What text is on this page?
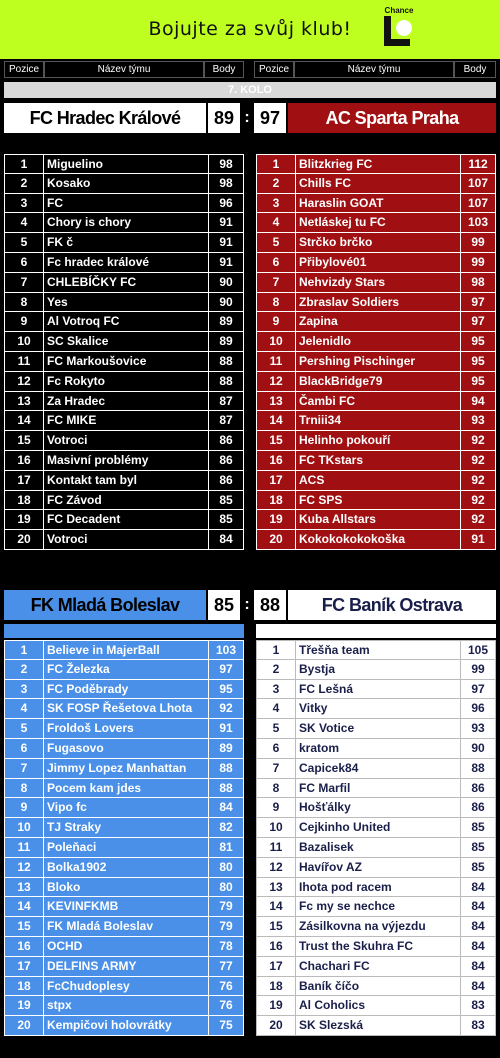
Bojujte za svůj klub!
Chance
Pozice	Název týmu	Body	Pozice	Název týmu	Body
7. KOLO
FC Hradec Králové	89 : 97	AC Sparta Praha
1	Miguelino	98
2	Kosako	98
3	FC	96
4	Chory is chory	91
5	FK č	91
6	Fc hradec králové	91
7	CHLEBÍČKY FC	90
8	Yes	90
9	Al Votroq FC	89
10	SC Skalice	89
11	FC Markoušovice	88
12	Fc Rokyto	88
13	Za Hradec	87
14	FC MIKE	87
15	Votroci	86
16	Masivní problémy	86
17	Kontakt tam byl	86
18	FC Závod	85
19	FC Decadent	85
20	Votroci	84
1	Blitzkrieg FC	112
2	Chills FC	107
3	Haraslin GOAT	107
4	Netláskej tu FC	103
5	Strčko brčko	99
6	Přibylové01	99
7	Nehvizdy Stars	98
8	Zbraslav Soldiers	97
9	Zapina	97
10	Jelenidlo	95
11	Pershing Pischinger	95
12	BlackBridge79	95
13	Čambi FC	94
14	Trniii34	93
15	Helinho pokouří	92
16	FC TKstars	92
17	ACS	92
18	FC SPS	92
19	Kuba Allstars	92
20	Kokokokokokoška	91
FK Mladá Boleslav	85 : 88	FC Baník Ostrava
1	Believe in MajerBall	103
2	FC Železka	97
3	FC Poděbrady	95
4	SK FOSP Řešetova Lhota	92
5	Froldoš Lovers	91
6	Fugasovo	89
7	Jimmy Lopez Manhattan	88
8	Pocem kam jdes	88
9	Vipo fc	84
10	TJ Straky	82
11	Poleňaci	81
12	Bolka1902	80
13	Bloko	80
14	KEVINFKMB	79
15	FK Mladá Boleslav	79
16	OCHD	78
17	DELFINS ARMY	77
18	FcChudoplesy	76
19	stpx	76
20	Kempičovi holovrátky	75
1	Třešňa team	105
2	Bystja	99
3	FC Lešná	97
4	Vitky	96
5	SK Votice	93
6	kratom	90
7	Capicek84	88
8	FC Marfil	86
9	Hošťálky	86
10	Cejkinho United	85
11	Bazalisek	85
12	Havířov AZ	85
13	Ihota pod racem	84
14	Fc my se nechce	84
15	Zásilkovna na výjezdu	84
16	Trust the Skuhra FC	84
17	Chachari FC	84
18	Baník číčo	84
19	Al Coholics	83
20	SK Slezská	83
